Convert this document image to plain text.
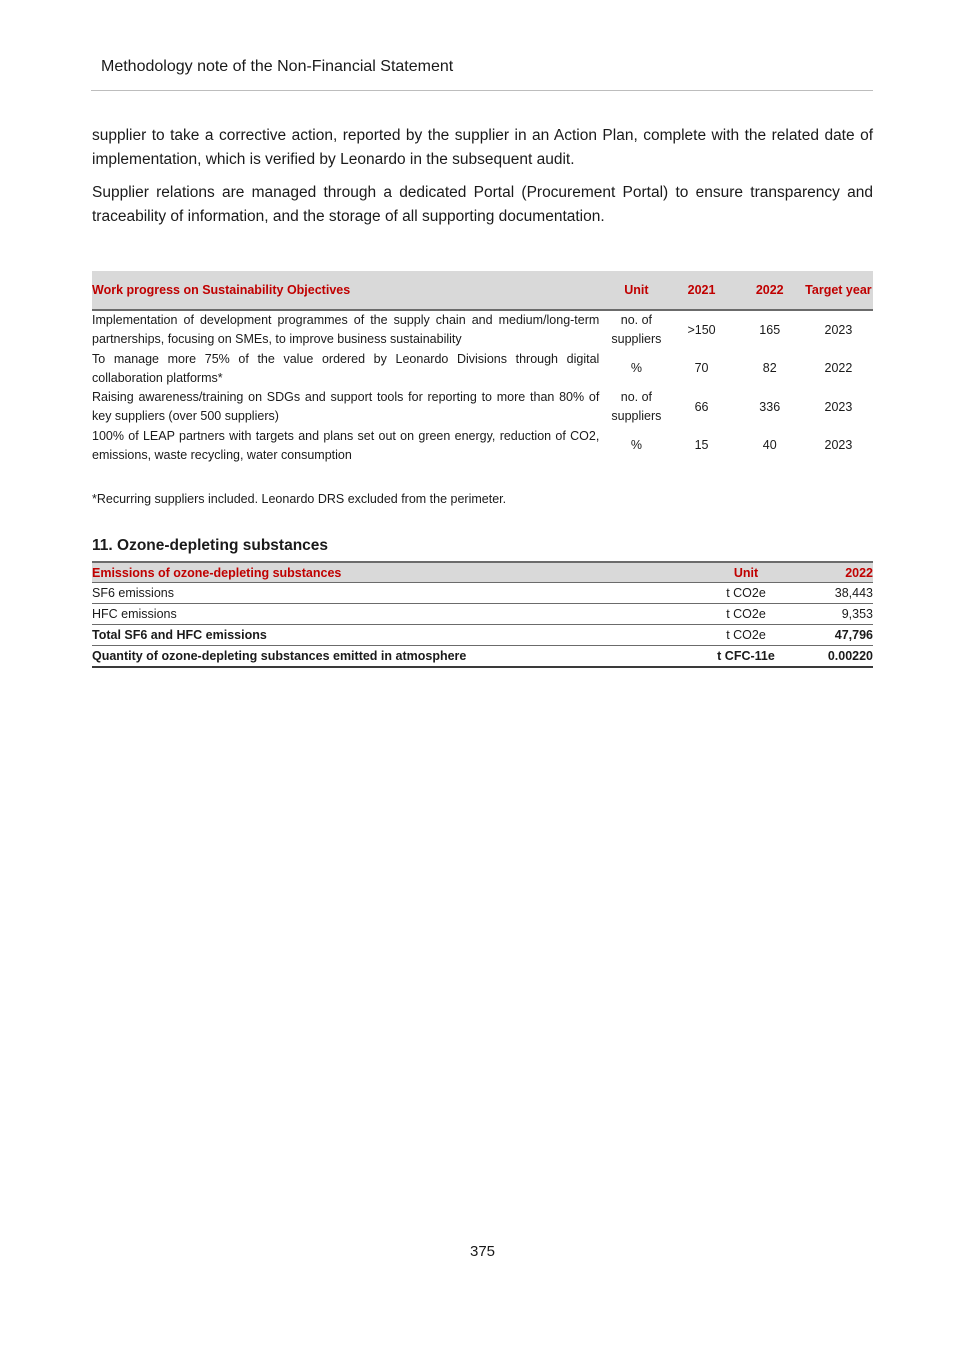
Methodology note of the Non-Financial Statement

supplier to take a corrective action, reported by the supplier in an Action Plan, complete with the related date of implementation, which is verified by Leonardo in the subsequent audit.

Supplier relations are managed through a dedicated Portal (Procurement Portal) to ensure transparency and traceability of information, and the storage of all supporting documentation.

Work progress on Sustainability Objectives	Unit	2021	2022	Target year
Implementation of development programmes of the supply chain and medium/long-term partnerships, focusing on SMEs, to improve business sustainability	no. of suppliers	>150	165	2023
To manage more 75% of the value ordered by Leonardo Divisions through digital collaboration platforms*	%	70	82	2022
Raising awareness/training on SDGs and support tools for reporting to more than 80% of key suppliers (over 500 suppliers)	no. of suppliers	66	336	2023
100% of LEAP partners with targets and plans set out on green energy, reduction of CO2, emissions, waste recycling, water consumption	%	15	40	2023
*Recurring suppliers included. Leonardo DRS excluded from the perimeter.
11. Ozone-depleting substances
Emissions of ozone-depleting substances	Unit	2022
SF6 emissions	t CO2e	38,443
HFC emissions	t CO2e	9,353
Total SF6 and HFC emissions	t CO2e	47,796
Quantity of ozone-depleting substances emitted in atmosphere	t CFC-11e	0.00220
375
